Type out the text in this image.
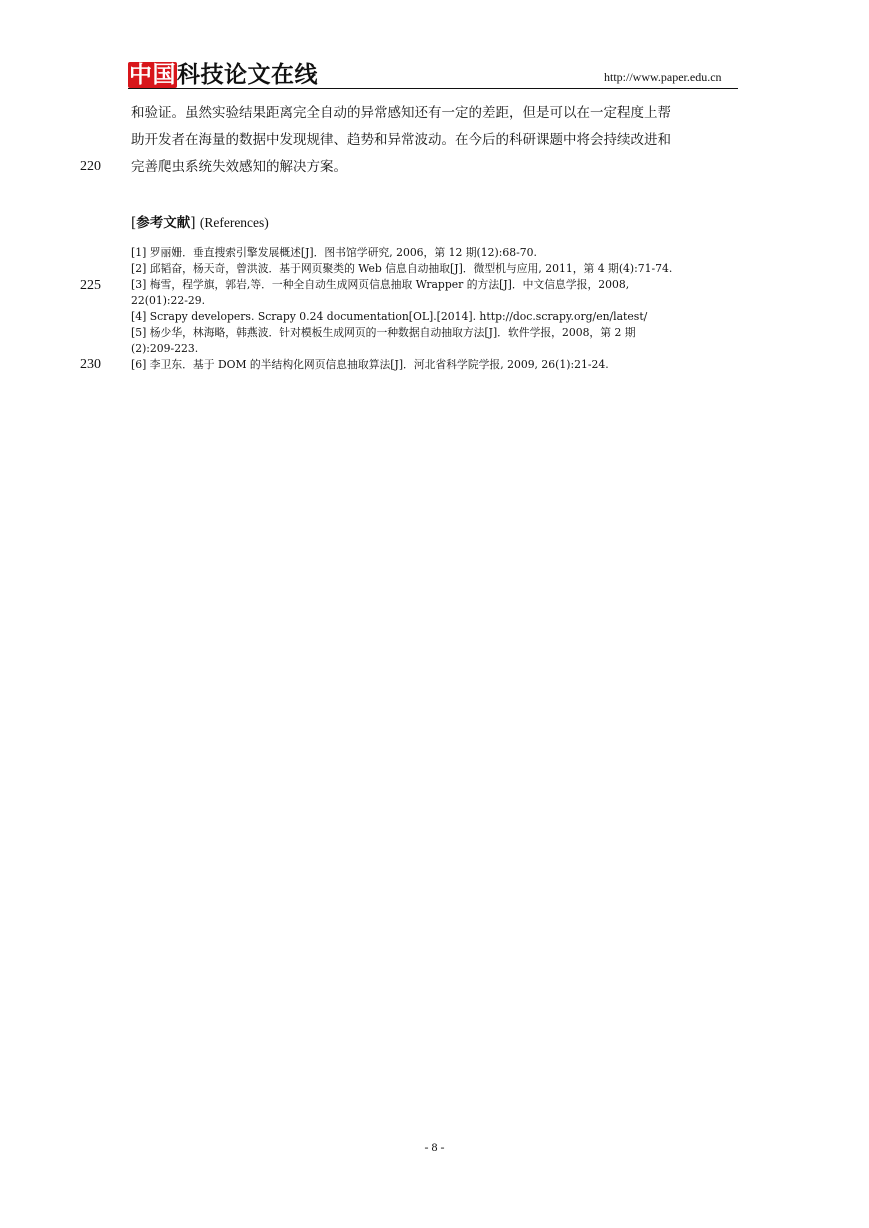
中国科技论文在线	http://www.paper.edu.cn
和验证。虽然实验结果距离完全自动的异常感知还有一定的差距，但是可以在一定程度上帮
助开发者在海量的数据中发现规律、趋势和异常波动。在今后的科研课题中将会持续改进和
完善爬虫系统失效感知的解决方案。
220
[参考文献] (References)
[1] 罗丽姗．垂直搜索引擎发展概述[J]．图书馆学研究, 2006，第 12 期(12):68-70.
[2] 邱韬奋，杨天奇，曾洪波．基于网页聚类的 Web 信息自动抽取[J]．微型机与应用, 2011，第 4 期(4):71-74.
[3] 梅雪，程学旗，郭岩,等．一种全自动生成网页信息抽取 Wrapper 的方法[J]．中文信息学报，2008,
22(01):22-29.
[4] Scrapy developers. Scrapy 0.24 documentation[OL].[2014]. http://doc.scrapy.org/en/latest/
[5] 杨少华，林海略，韩燕波．针对模板生成网页的一种数据自动抽取方法[J]．软件学报，2008，第 2 期
(2):209-223.
[6] 李卫东．基于 DOM 的半结构化网页信息抽取算法[J]．河北省科学院学报, 2009, 26(1):21-24.
225
230
- 8 -
